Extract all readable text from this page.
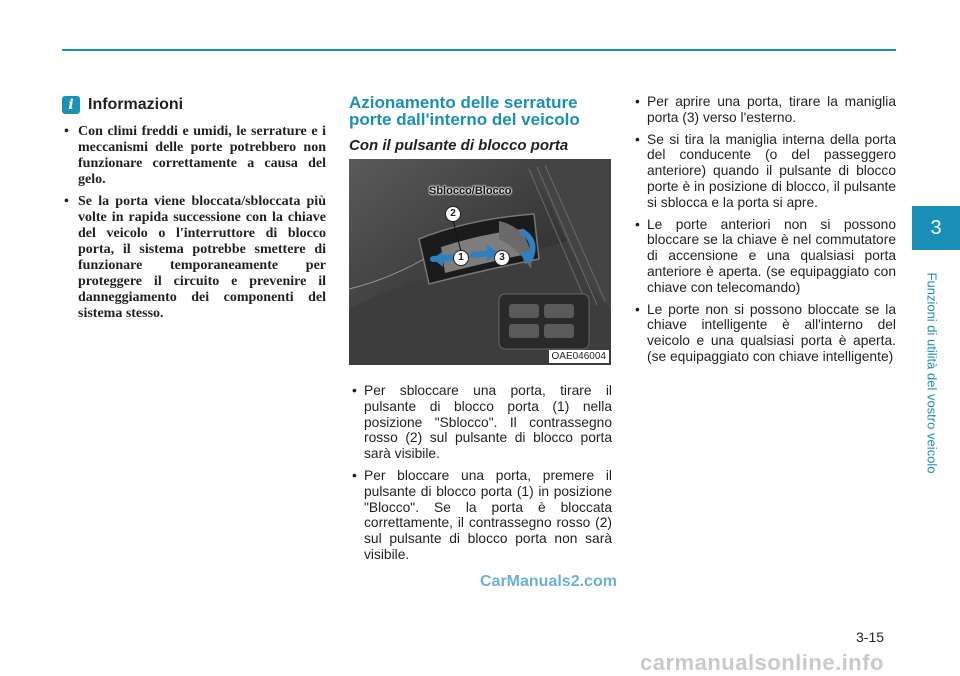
i Informazioni
• Con climi freddi e umidi, le serrature e i meccanismi delle porte potrebbero non funzionare correttamente a causa del gelo.
• Se la porta viene bloccata/sbloccata più volte in rapida successione con la chiave del veicolo o l'interruttore di blocco porta, il sistema potrebbe smettere di funzionare temporaneamente per proteggere il circuito e prevenire il danneggiamento dei componenti del sistema stesso.
Azionamento delle serrature porte dall'interno del veicolo
Con il pulsante di blocco porta
Sblocco/Blocco
2
1	3
OAE046004
• Per sbloccare una porta, tirare il pulsante di blocco porta (1) nella posizione "Sblocco". Il contrassegno rosso (2) sul pulsante di blocco porta sarà visibile.
• Per bloccare una porta, premere il pulsante di blocco porta (1) in posizione "Blocco". Se la porta è bloccata correttamente, il contrassegno rosso (2) sul pulsante di blocco porta non sarà visibile.
• Per aprire una porta, tirare la maniglia porta (3) verso l'esterno.
• Se si tira la maniglia interna della porta del conducente (o del passeggero anteriore) quando il pulsante di blocco porte è in posizione di blocco, il pulsante si sblocca e la porta si apre.
• Le porte anteriori non si possono bloccare se la chiave è nel commutatore di accensione e una qualsiasi porta anteriore è aperta. (se equipaggiato con chiave con telecomando)
• Le porte non si possono bloccate se la chiave intelligente è all'interno del veicolo e una qualsiasi porta è aperta. (se equipaggiato con chiave intelligente)
CarManuals2.com
3
Funzioni di utilità del vostro veicolo
3-15
carmanualsonline.info
